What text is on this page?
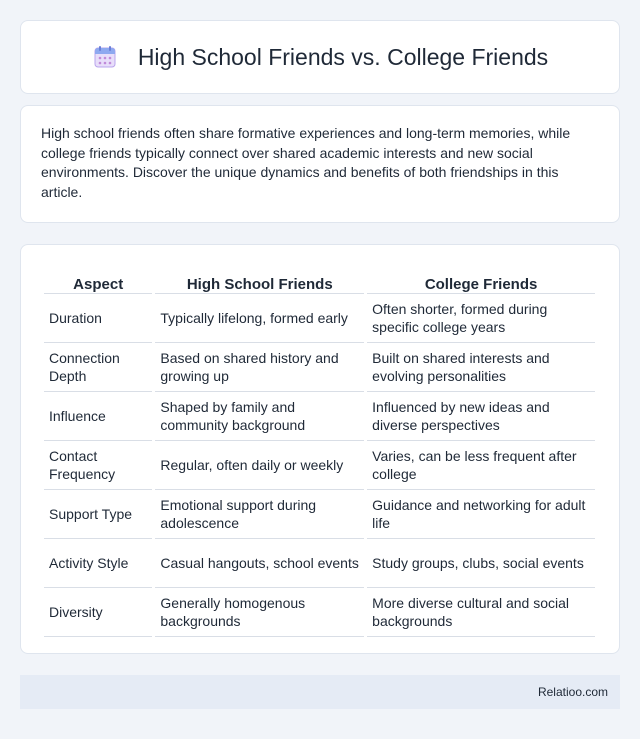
High School Friends vs. College Friends

High school friends often share formative experiences and long-term memories, while college friends typically connect over shared academic interests and new social environments. Discover the unique dynamics and benefits of both friendships in this article.

Aspect	High School Friends	College Friends
Duration	Typically lifelong, formed early	Often shorter, formed during specific college years
Connection Depth	Based on shared history and growing up	Built on shared interests and evolving personalities
Influence	Shaped by family and community background	Influenced by new ideas and diverse perspectives
Contact Frequency	Regular, often daily or weekly	Varies, can be less frequent after college
Support Type	Emotional support during adolescence	Guidance and networking for adult life
Activity Style	Casual hangouts, school events	Study groups, clubs, social events
Diversity	Generally homogenous backgrounds	More diverse cultural and social backgrounds
Relatioo.com
